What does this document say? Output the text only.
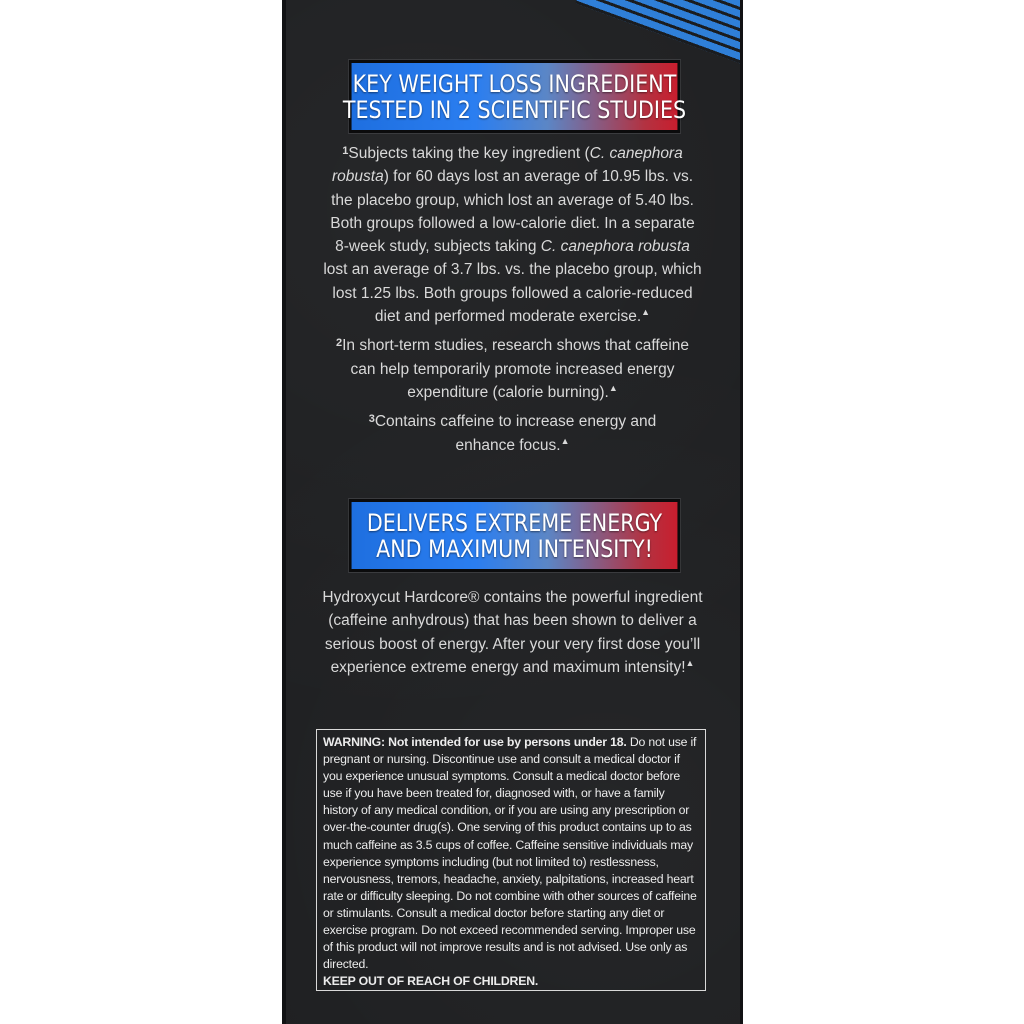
KEY WEIGHT LOSS INGREDIENT
TESTED IN 2 SCIENTIFIC STUDIES

$^1$Subjects taking the key ingredient (C. canephora robusta) for 60 days lost an average of 10.95 lbs. vs. the placebo group, which lost an average of 5.40 lbs. Both groups followed a low-calorie diet. In a separate 8-week study, subjects taking C. canephora robusta lost an average of 3.7 lbs. vs. the placebo group, which lost 1.25 lbs. Both groups followed a calorie-reduced diet and performed moderate exercise.▲

$^2$In short-term studies, research shows that caffeine can help temporarily promote increased energy expenditure (calorie burning).▲

$^3$Contains caffeine to increase energy and enhance focus.▲

DELIVERS EXTREME ENERGY
AND MAXIMUM INTENSITY!

Hydroxycut Hardcore® contains the powerful ingredient (caffeine anhydrous) that has been shown to deliver a serious boost of energy. After your very first dose you’ll experience extreme energy and maximum intensity!▲

WARNING: Not intended for use by persons under 18. Do not use if pregnant or nursing. Discontinue use and consult a medical doctor if you experience unusual symptoms. Consult a medical doctor before use if you have been treated for, diagnosed with, or have a family history of any medical condition, or if you are using any prescription or over-the-counter drug(s). One serving of this product contains up to as much caffeine as 3.5 cups of coffee. Caffeine sensitive individuals may experience symptoms including (but not limited to) restlessness, nervousness, tremors, headache, anxiety, palpitations, increased heart rate or difficulty sleeping. Do not combine with other sources of caffeine or stimulants. Consult a medical doctor before starting any diet or exercise program. Do not exceed recommended serving. Improper use of this product will not improve results and is not advised. Use only as directed.
KEEP OUT OF REACH OF CHILDREN.
